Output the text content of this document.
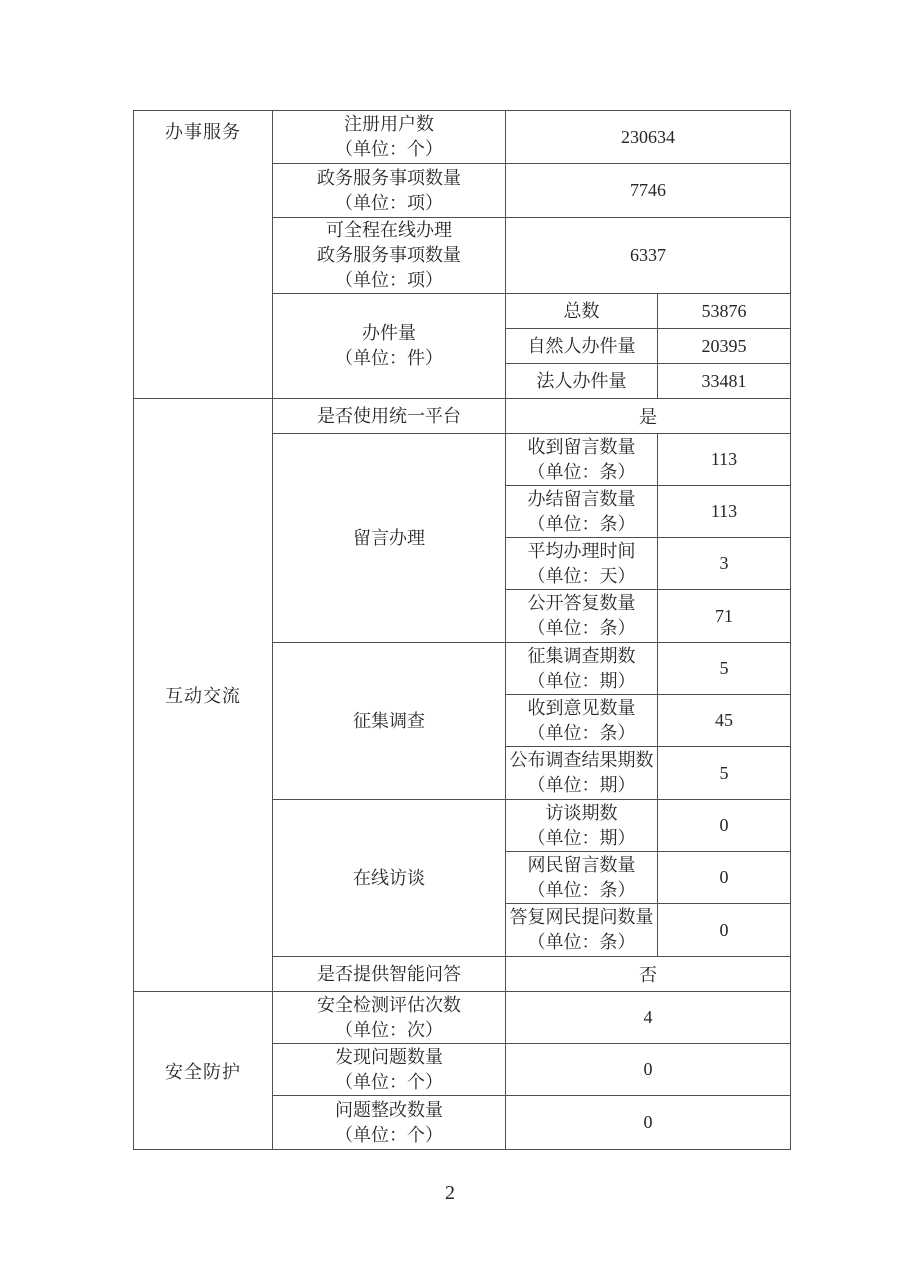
办事服务	注册用户数
（单位：个）	230634	

	政务服务事项数量
（单位：项）	7746	

	可全程在线办理
政务服务事项数量
（单位：项）	6337	

	办件量
（单位：件）	总数	53876

		自然人办件量	20395

		法人办件量	33481
互动交流	是否使用统一平台	是	

	留言办理	收到留言数量
（单位：条）	113

		办结留言数量
（单位：条）	113

		平均办理时间
（单位：天）	3

		公开答复数量
（单位：条）	71

	征集调查	征集调查期数
（单位：期）	5

		收到意见数量
（单位：条）	45

		公布调查结果期数
（单位：期）	5

	在线访谈	访谈期数
（单位：期）	0

		网民留言数量
（单位：条）	0

		答复网民提问数量
（单位：条）	0

	是否提供智能问答	否	
安全防护	安全检测评估次数
（单位：次）	4	

	发现问题数量
（单位：个）	0	

	问题整改数量
（单位：个）	0	
2
